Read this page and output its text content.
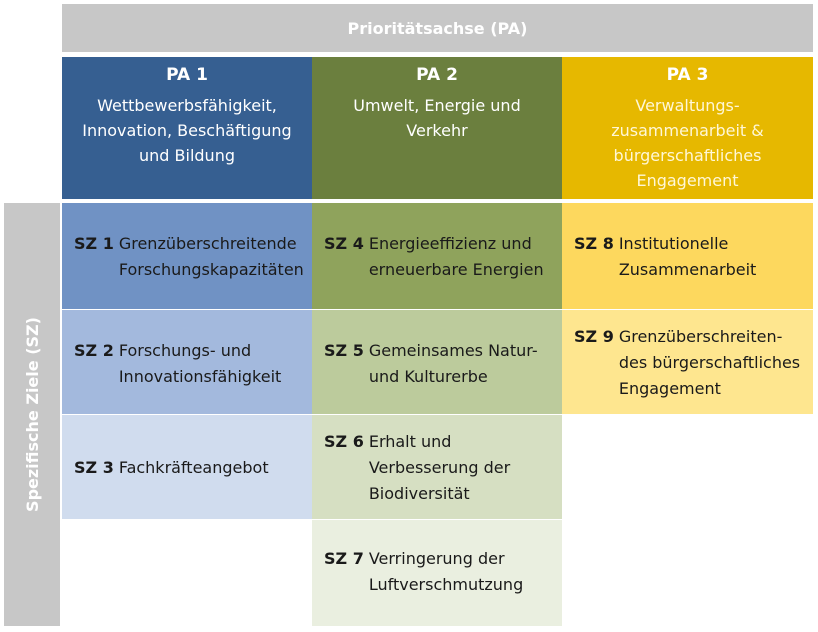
Prioritätsachse (PA)
PA 1
Wettbewerbsfähigkeit, Innovation, Beschäftigung und Bildung
PA 2
Umwelt, Energie und Verkehr
PA 3
Verwaltungs-zusammenarbeit & bürgerschaftliches Engagement
Spezifische Ziele (SZ)
SZ 1 Grenzüberschreitende Forschungskapazitäten
SZ 2 Forschungs- und Innovationsfähigkeit
SZ 3 Fachkräfteangebot
SZ 4 Energieeffizienz und erneuerbare Energien
SZ 5 Gemeinsames Natur- und Kulturerbe
SZ 6 Erhalt und Verbesserung der Biodiversität
SZ 7 Verringerung der Luftverschmutzung
SZ 8 Institutionelle Zusammenarbeit
SZ 9 Grenzüberschreiten-des bürgerschaftliches Engagement
